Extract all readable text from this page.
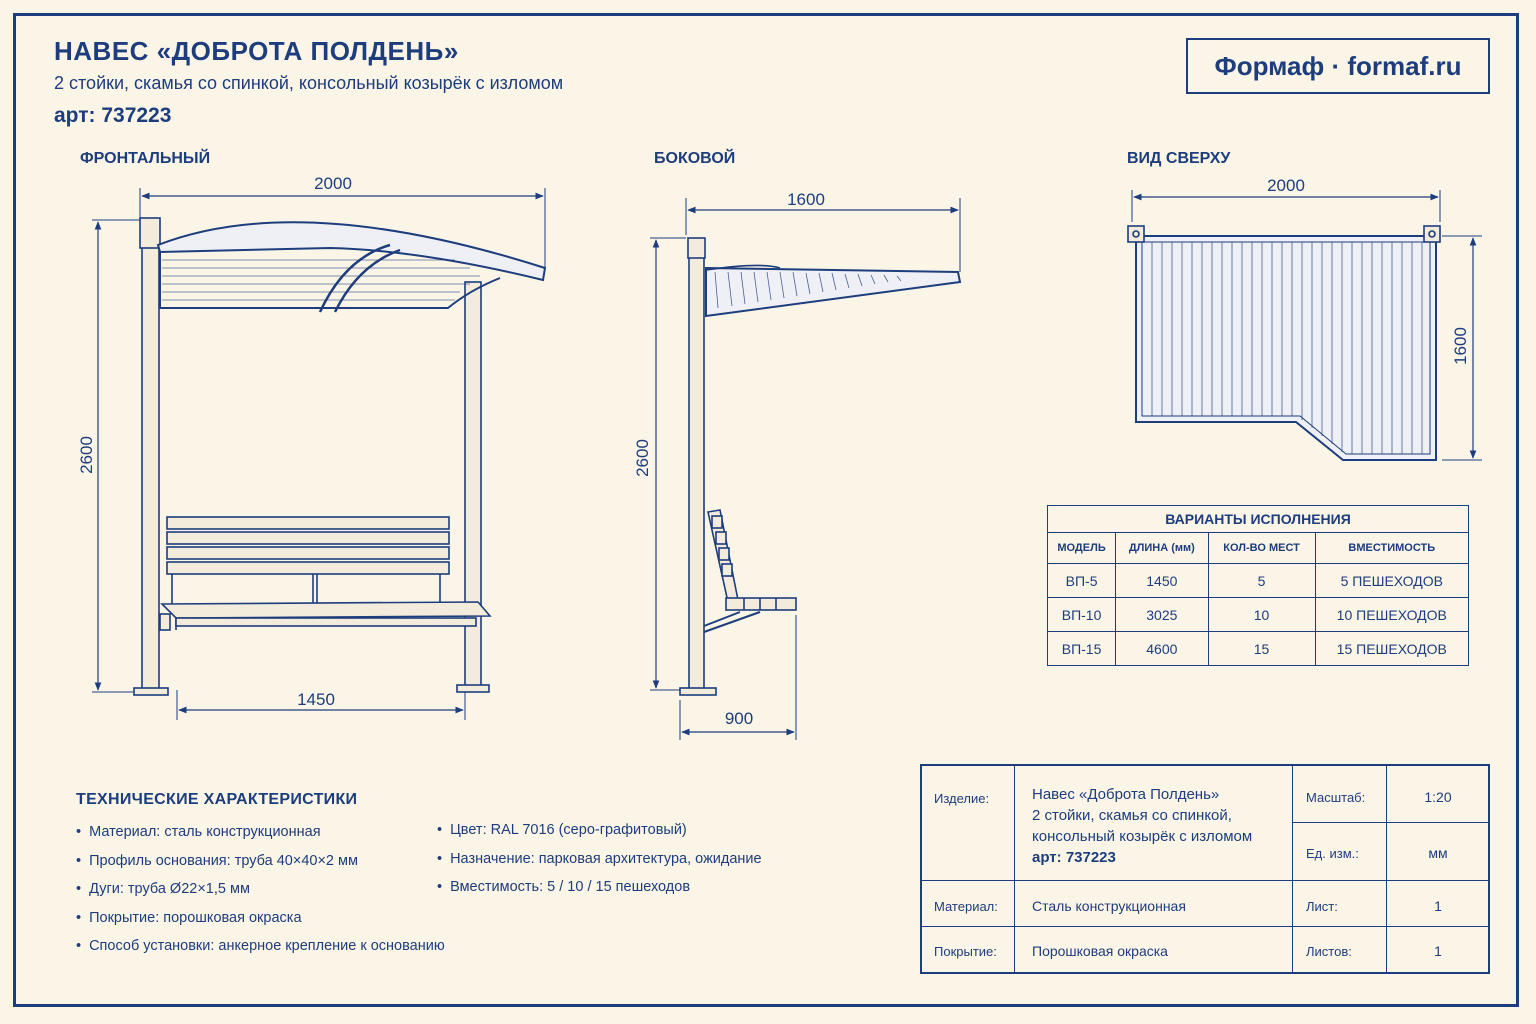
НАВЕС «ДОБРОТА ПОЛДЕНЬ»
2 стойки, скамья со спинкой, консольный козырёк с изломом
арт: 737223
Формаф · formaf.ru
ФРОНТАЛЬНЫЙ	БОКОВОЙ	ВИД СВЕРХУ
2000
2600
1450
1600
2600
900
2000
1600
ВАРИАНТЫ ИСПОЛНЕНИЯ			
МОДЕЛЬ	ДЛИНА (мм)	КОЛ-ВО МЕСТ	ВМЕСТИМОСТЬ
ВП-5	1450	5	5 ПЕШЕХОДОВ
ВП-10	3025	10	10 ПЕШЕХОДОВ
ВП-15	4600	15	15 ПЕШЕХОДОВ
ТЕХНИЧЕСКИЕ ХАРАКТЕРИСТИКИ
• Материал: сталь конструкционная
• Профиль основания: труба 40×40×2 мм
• Дуги: труба Ø22×1,5 мм
• Покрытие: порошковая окраска
• Способ установки: анкерное крепление к основанию
• Цвет: RAL 7016 (серо-графитовый)
• Назначение: парковая архитектура, ожидание
• Вместимость: 5 / 10 / 15 пешеходов
Изделие:	Навес «Доброта Полдень»
2 стойки, скамья со спинкой,
консольный козырёк с изломом
арт: 737223
Масштаб:	1:20
Ед. изм.:	мм
Материал: Сталь конструкционная	Лист:	1
Покрытие:	Порошковая окраска	Листов:	1
